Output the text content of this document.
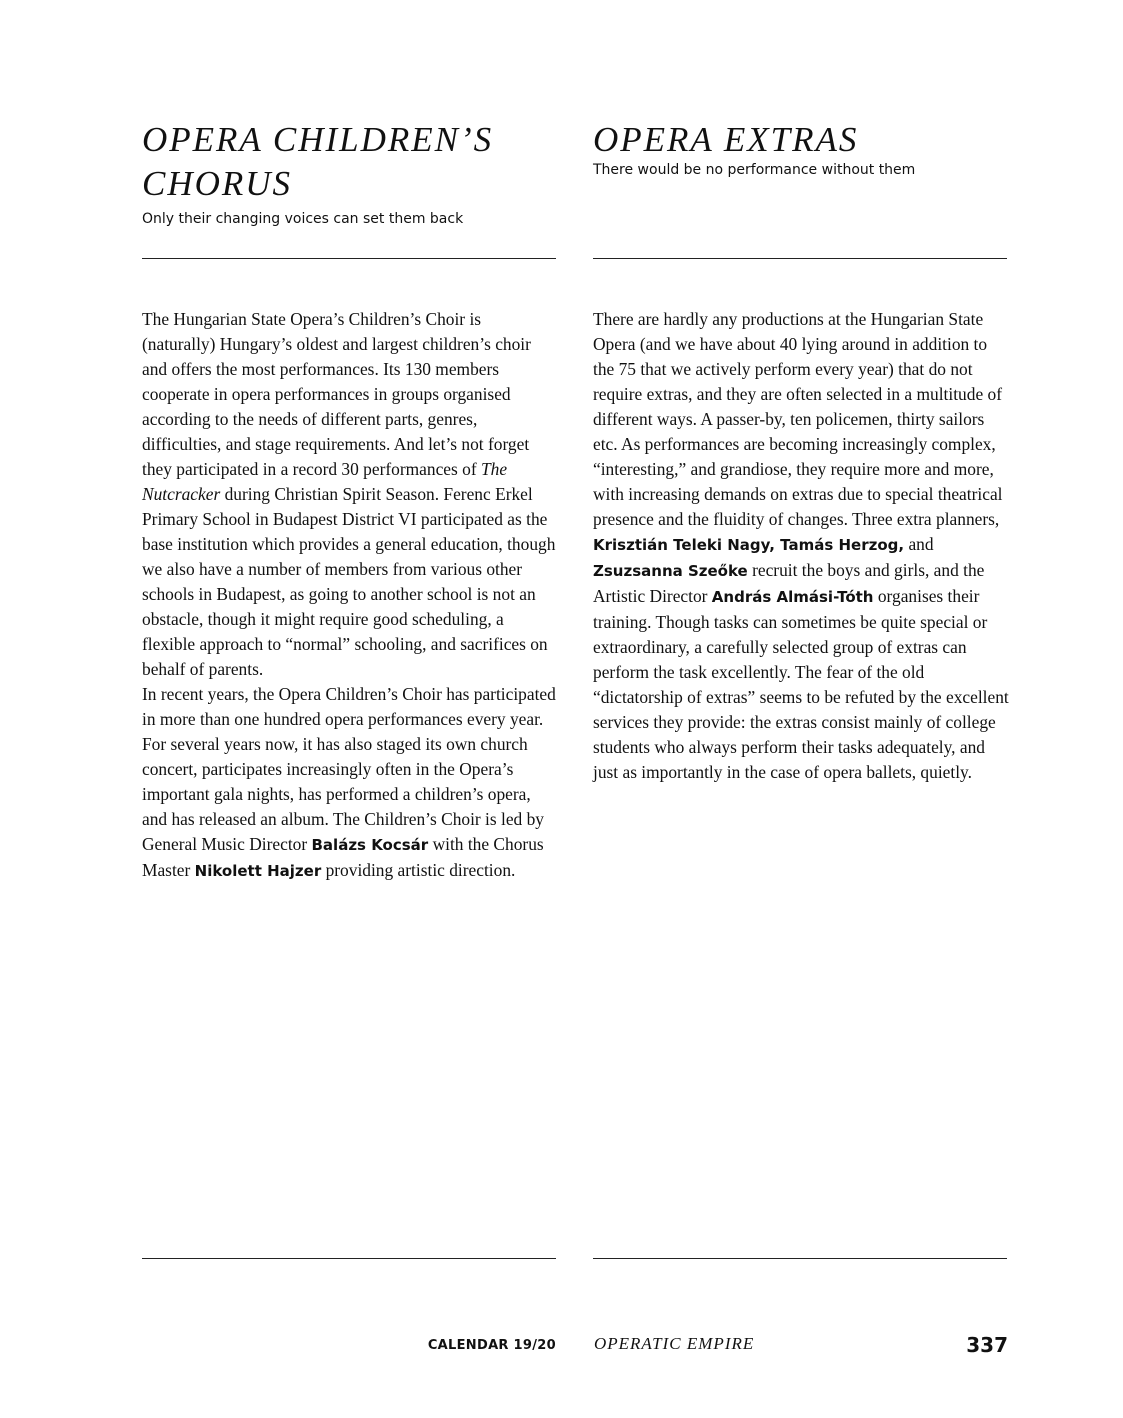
OPERA CHILDREN’S CHORUS

Only their changing voices can set them back

The Hungarian State Opera’s Children’s Choir is (naturally) Hungary’s oldest and largest children’s choir and offers the most performances. Its 130 members cooperate in opera performances in groups organised according to the needs of different parts, genres, difficulties, and stage requirements. And let’s not forget they participated in a record 30 performances of The Nutcracker during Christian Spirit Season. Ferenc Erkel Primary School in Budapest District VI participated as the base institution which provides a general education, though we also have a number of members from various other schools in Budapest, as going to another school is not an obstacle, though it might require good scheduling, a flexible approach to “normal” schooling, and sacrifices on behalf of parents.

In recent years, the Opera Children’s Choir has participated in more than one hundred opera performances every year. For several years now, it has also staged its own church concert, participates increasingly often in the Opera’s important gala nights, has performed a children’s opera, and has released an album. The Children’s Choir is led by General Music Director Balázs Kocsár with the Chorus Master Nikolett Hajzer providing artistic direction.

OPERA EXTRAS

There would be no performance without them

There are hardly any productions at the Hungarian State Opera (and we have about 40 lying around in addition to the 75 that we actively perform every year) that do not require extras, and they are often selected in a multitude of different ways. A passer-by, ten policemen, thirty sailors etc. As performances are becoming increasingly complex, “interesting,” and grandiose, they require more and more, with increasing demands on extras due to special theatrical presence and the fluidity of changes. Three extra planners, Krisztián Teleki Nagy, Tamás Herzog, and Zsuzsanna Szeőke recruit the boys and girls, and the Artistic Director András Almási-Tóth organises their training. Though tasks can sometimes be quite special or extraordinary, a carefully selected group of extras can perform the task excellently. The fear of the old “dictatorship of extras” seems to be refuted by the excellent services they provide: the extras consist mainly of college students who always perform their tasks adequately, and just as importantly in the case of opera ballets, quietly.

CALENDAR 19/20 OPERATIC EMPIRE	337
